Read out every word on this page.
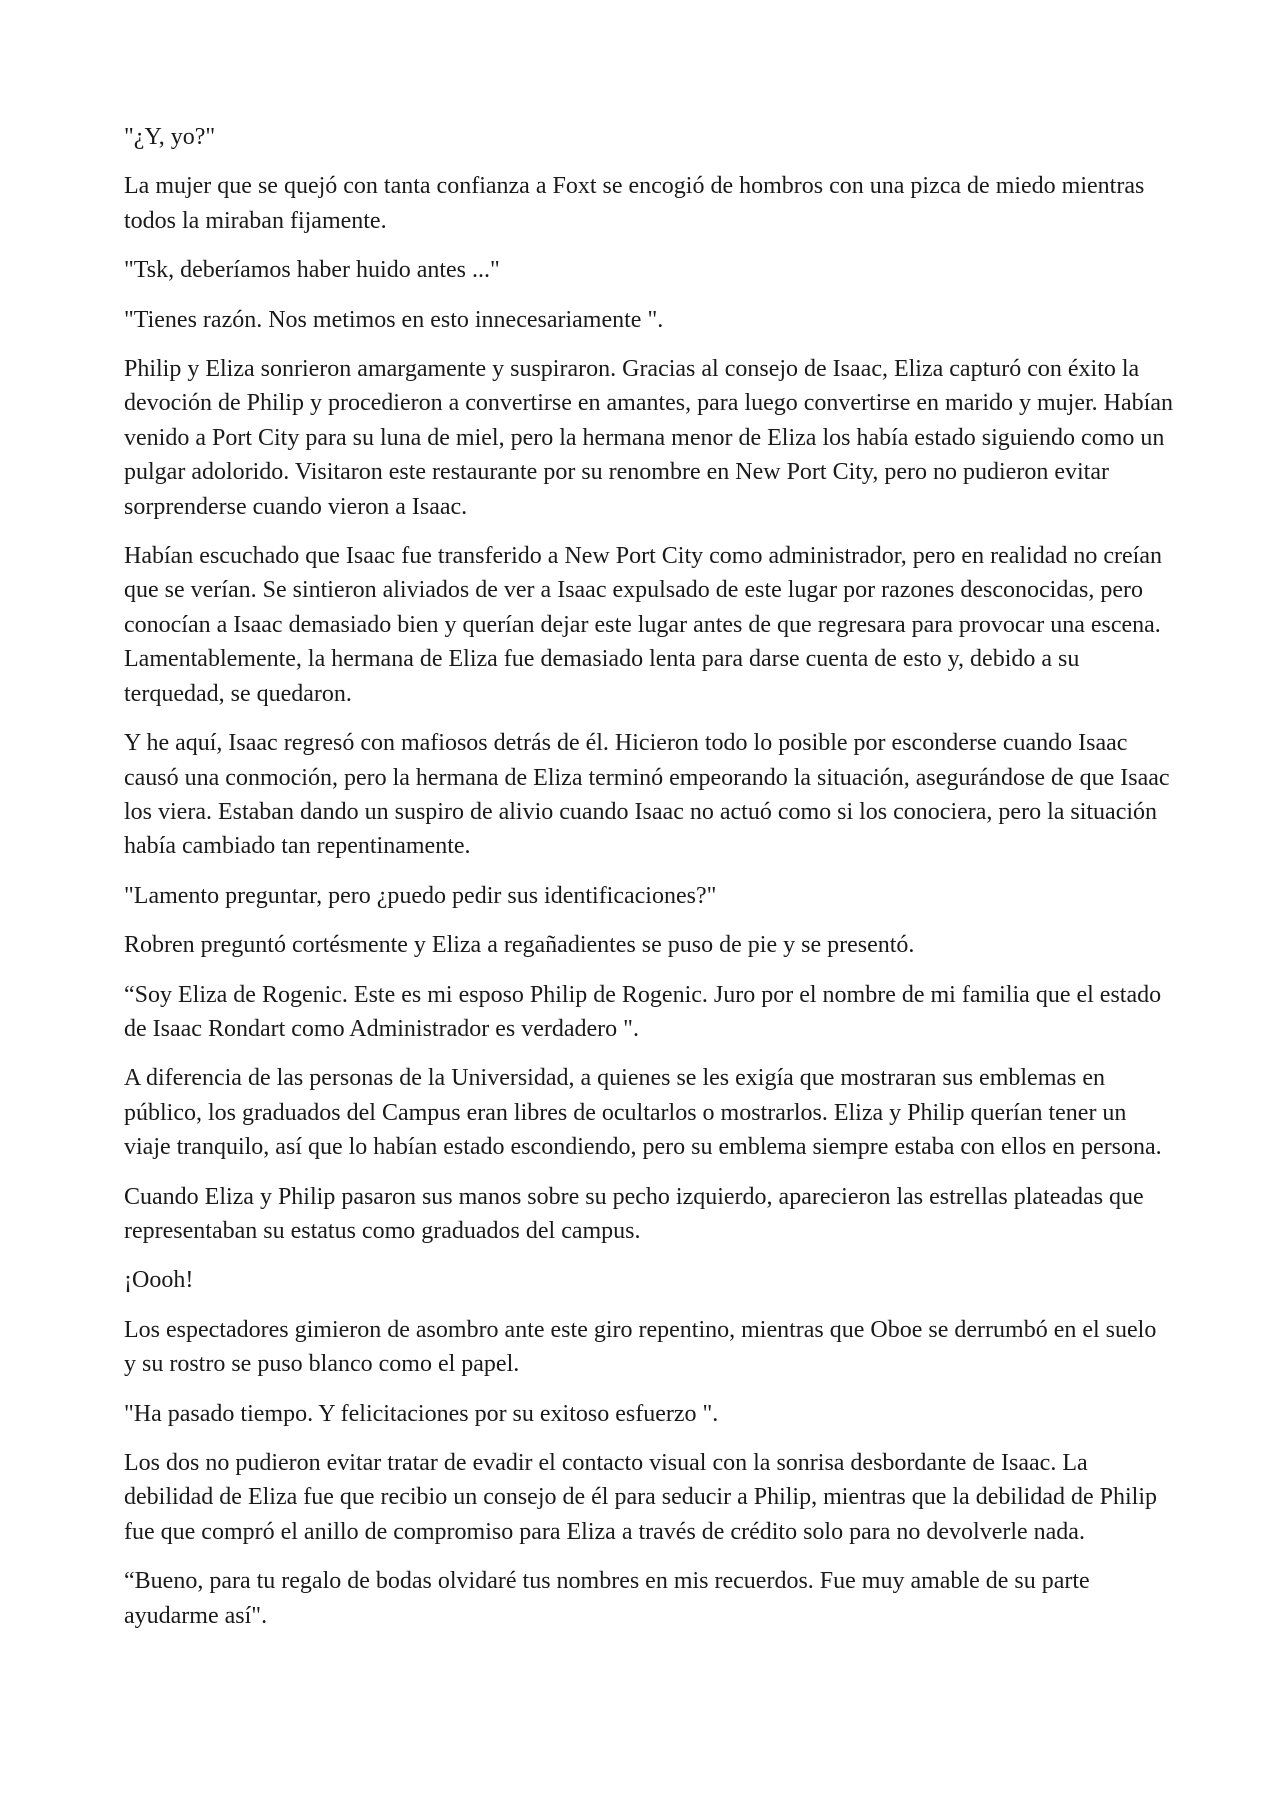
"¿Y, yo?"

La mujer que se quejó con tanta confianza a Foxt se encogió de hombros con una pizca de miedo mientras todos la miraban fijamente.

"Tsk, deberíamos haber huido antes ..."

"Tienes razón. Nos metimos en esto innecesariamente ".

Philip y Eliza sonrieron amargamente y suspiraron. Gracias al consejo de Isaac, Eliza capturó con éxito la devoción de Philip y procedieron a convertirse en amantes, para luego convertirse en marido y mujer. Habían venido a Port City para su luna de miel, pero la hermana menor de Eliza los había estado siguiendo como un pulgar adolorido. Visitaron este restaurante por su renombre en New Port City, pero no pudieron evitar sorprenderse cuando vieron a Isaac.

Habían escuchado que Isaac fue transferido a New Port City como administrador, pero en realidad no creían que se verían. Se sintieron aliviados de ver a Isaac expulsado de este lugar por razones desconocidas, pero conocían a Isaac demasiado bien y querían dejar este lugar antes de que regresara para provocar una escena. Lamentablemente, la hermana de Eliza fue demasiado lenta para darse cuenta de esto y, debido a su terquedad, se quedaron.

Y he aquí, Isaac regresó con mafiosos detrás de él. Hicieron todo lo posible por esconderse cuando Isaac causó una conmoción, pero la hermana de Eliza terminó empeorando la situación, asegurándose de que Isaac los viera. Estaban dando un suspiro de alivio cuando Isaac no actuó como si los conociera, pero la situación había cambiado tan repentinamente.

"Lamento preguntar, pero ¿puedo pedir sus identificaciones?"

Robren preguntó cortésmente y Eliza a regañadientes se puso de pie y se presentó.

“Soy Eliza de Rogenic. Este es mi esposo Philip de Rogenic. Juro por el nombre de mi familia que el estado de Isaac Rondart como Administrador es verdadero ".

A diferencia de las personas de la Universidad, a quienes se les exigía que mostraran sus emblemas en público, los graduados del Campus eran libres de ocultarlos o mostrarlos. Eliza y Philip querían tener un viaje tranquilo, así que lo habían estado escondiendo, pero su emblema siempre estaba con ellos en persona.

Cuando Eliza y Philip pasaron sus manos sobre su pecho izquierdo, aparecieron las estrellas plateadas que representaban su estatus como graduados del campus.

¡Oooh!

Los espectadores gimieron de asombro ante este giro repentino, mientras que Oboe se derrumbó en el suelo y su rostro se puso blanco como el papel.

"Ha pasado tiempo. Y felicitaciones por su exitoso esfuerzo ".

Los dos no pudieron evitar tratar de evadir el contacto visual con la sonrisa desbordante de Isaac. La debilidad de Eliza fue que recibio un consejo de él para seducir a Philip, mientras que la debilidad de Philip fue que compró el anillo de compromiso para Eliza a través de crédito solo para no devolverle nada.

“Bueno, para tu regalo de bodas olvidaré tus nombres en mis recuerdos. Fue muy amable de su parte ayudarme así".
